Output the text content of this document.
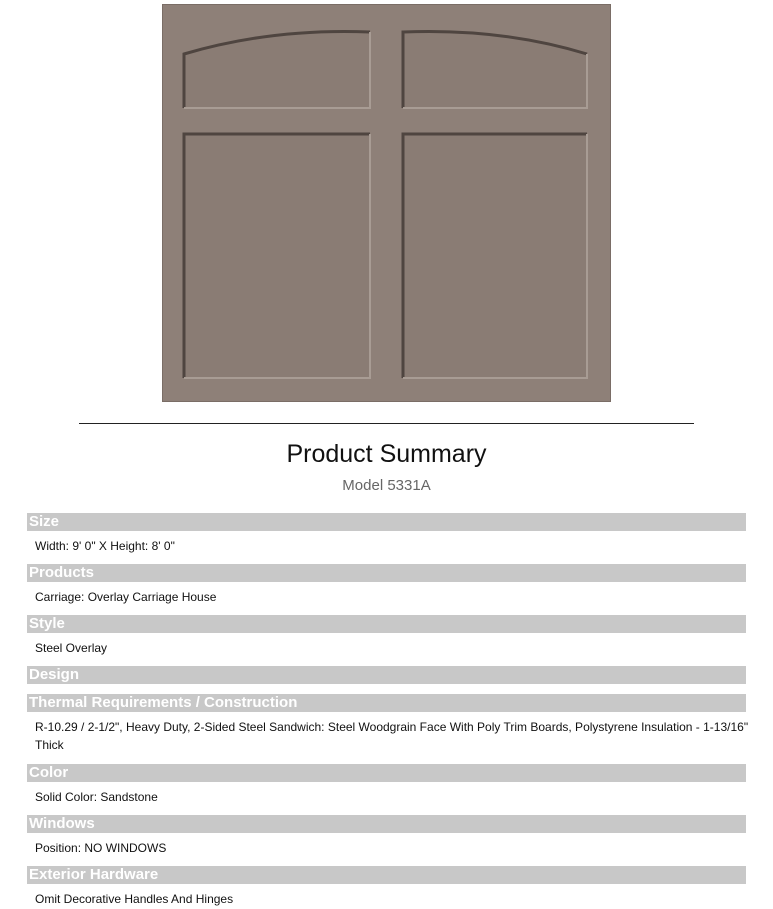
Product Summary
Model 5331A
Size
Width: 9' 0" X Height: 8' 0"
Products
Carriage: Overlay Carriage House
Style
Steel Overlay
Design
Thermal Requirements / Construction
R-10.29 / 2-1/2", Heavy Duty, 2-Sided Steel Sandwich: Steel Woodgrain Face With Poly Trim Boards, Polystyrene Insulation - 1-13/16" Thick
Color
Solid Color: Sandstone
Windows
Position: NO WINDOWS
Exterior Hardware
Omit Decorative Handles And Hinges
